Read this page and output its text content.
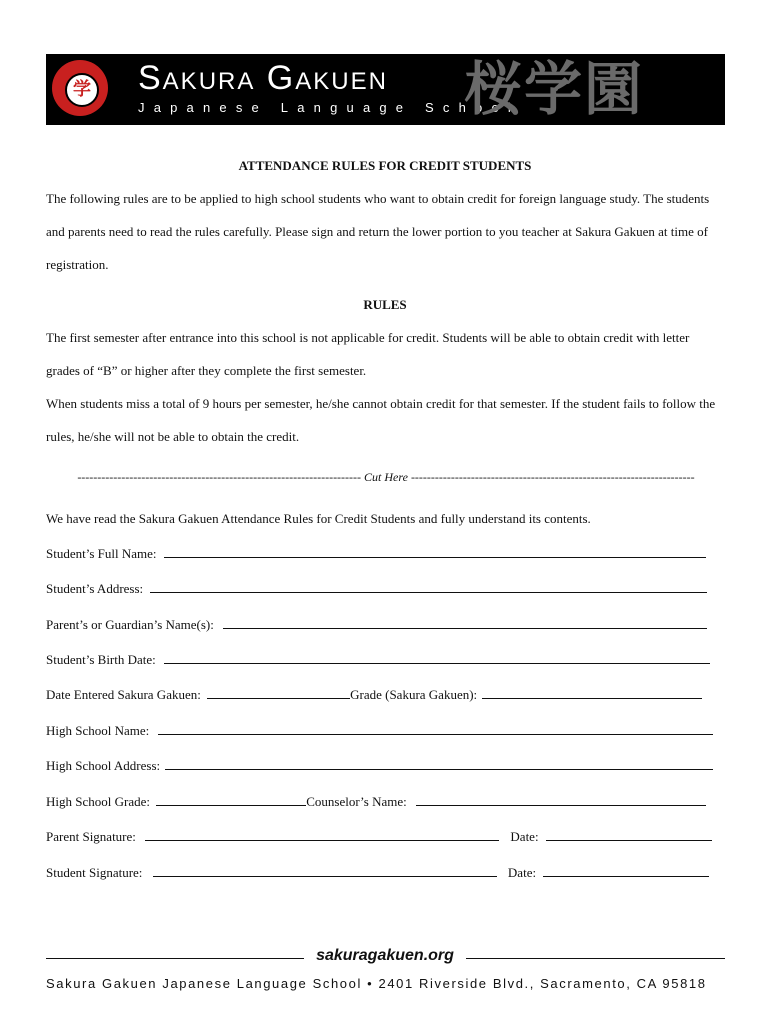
学 Sakura Gakuen
Japanese Language School
桜学園
ATTENDANCE RULES FOR CREDIT STUDENTS
The following rules are to be applied to high school students who want to obtain credit for foreign language study. The students and parents need to read the rules carefully. Please sign and return the lower portion to you teacher at Sakura Gakuen at time of registration.
RULES
The first semester after entrance into this school is not applicable for credit. Students will be able to obtain credit with letter grades of “B” or higher after they complete the first semester.
When students miss a total of 9 hours per semester, he/she cannot obtain credit for that semester. If the student fails to follow the rules, he/she will not be able to obtain the credit.
----------------------------------------------------------------------- Cut Here -----------------------------------------------------------------------
We have read the Sakura Gakuen Attendance Rules for Credit Students and fully understand its contents.
Student’s Full Name:
Student’s Address:
Parent’s or Guardian’s Name(s):
Student’s Birth Date:
Date Entered Sakura Gakuen:	Grade (Sakura Gakuen):
High School Name:
High School Address:
High School Grade:	Counselor’s Name:
Parent Signature:	Date:
Student Signature:	Date:
sakuragakuen.org
Sakura Gakuen Japanese Language School • 2401 Riverside Blvd., Sacramento, CA 95818
